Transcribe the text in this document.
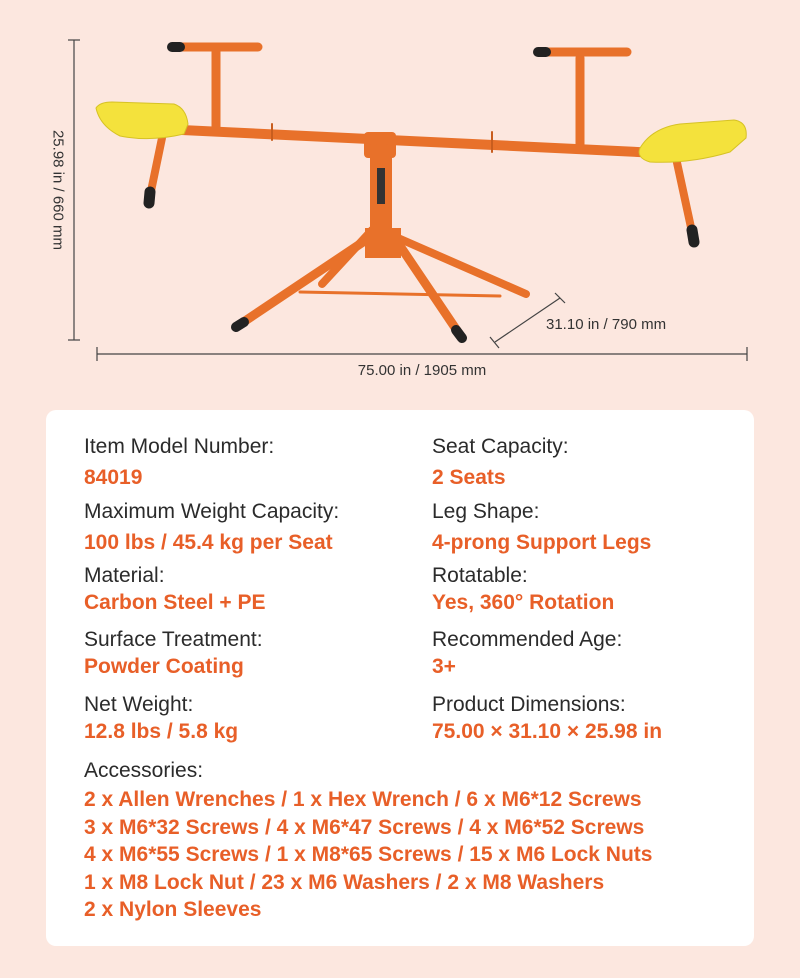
25.98 in / 660 mm
75.00 in / 1905 mm
31.10 in / 790 mm
Item Model Number:
84019
Maximum Weight Capacity:
100 lbs / 45.4 kg per Seat
Material:
Carbon Steel + PE
Surface Treatment:
Powder Coating
Net Weight:
12.8 lbs / 5.8 kg
Seat Capacity:
2 Seats
Leg Shape:
4-prong Support Legs
Rotatable:
Yes, 360° Rotation
Recommended Age:
3+
Product Dimensions:
75.00 × 31.10 × 25.98 in
Accessories:
2 x Allen Wrenches / 1 x Hex Wrench / 6 x M6*12 Screws
3 x M6*32 Screws / 4 x M6*47 Screws / 4 x M6*52 Screws
4 x M6*55 Screws / 1 x M8*65 Screws / 15 x M6 Lock Nuts
1 x M8 Lock Nut / 23 x M6 Washers / 2 x M8 Washers
2 x Nylon Sleeves
